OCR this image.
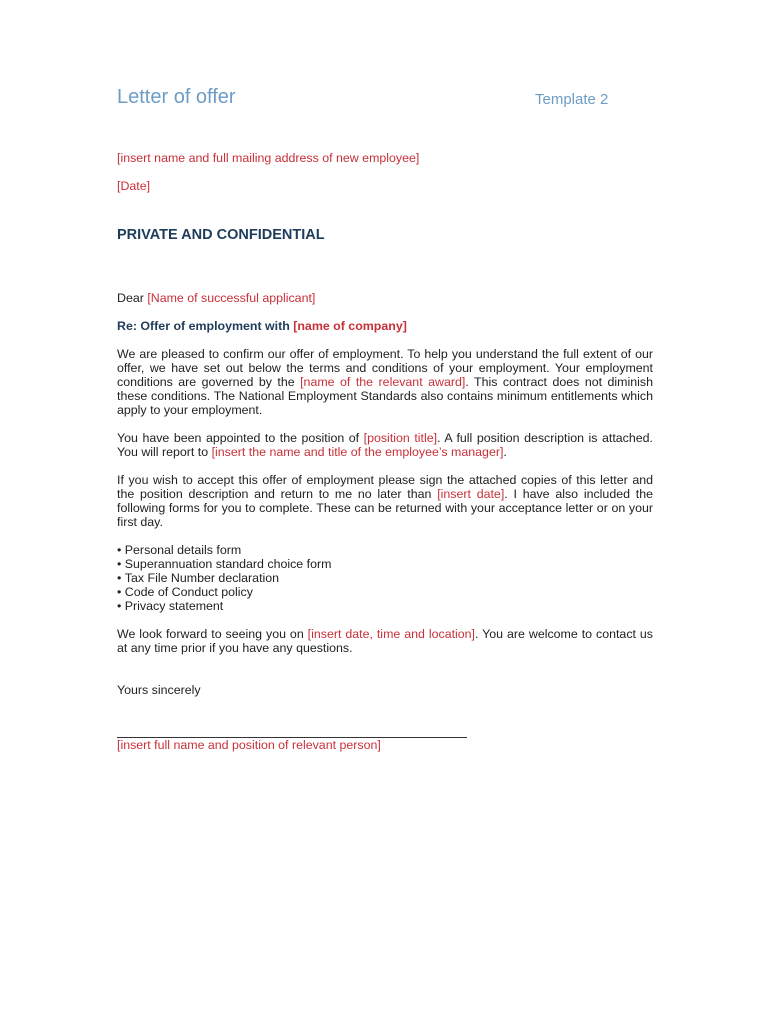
Letter of offer	Template 2
[insert name and full mailing address of new employee]
[Date]
PRIVATE AND CONFIDENTIAL
Dear [Name of successful applicant]
Re: Offer of employment with [name of company]
We are pleased to confirm our offer of employment. To help you understand the full extent of our offer, we have set out below the terms and conditions of your employment. Your employment conditions are governed by the [name of the relevant award]. This contract does not diminish these conditions. The National Employment Standards also contains minimum entitlements which apply to your employment.
You have been appointed to the position of [position title]. A full position description is attached. You will report to [insert the name and title of the employee’s manager].
If you wish to accept this offer of employment please sign the attached copies of this letter and the position description and return to me no later than [insert date]. I have also included the following forms for you to complete. These can be returned with your acceptance letter or on your first day.
• Personal details form
• Superannuation standard choice form
• Tax File Number declaration
• Code of Conduct policy
• Privacy statement
We look forward to seeing you on [insert date, time and location]. You are welcome to contact us at any time prior if you have any questions.
Yours sincerely
[insert full name and position of relevant person]
